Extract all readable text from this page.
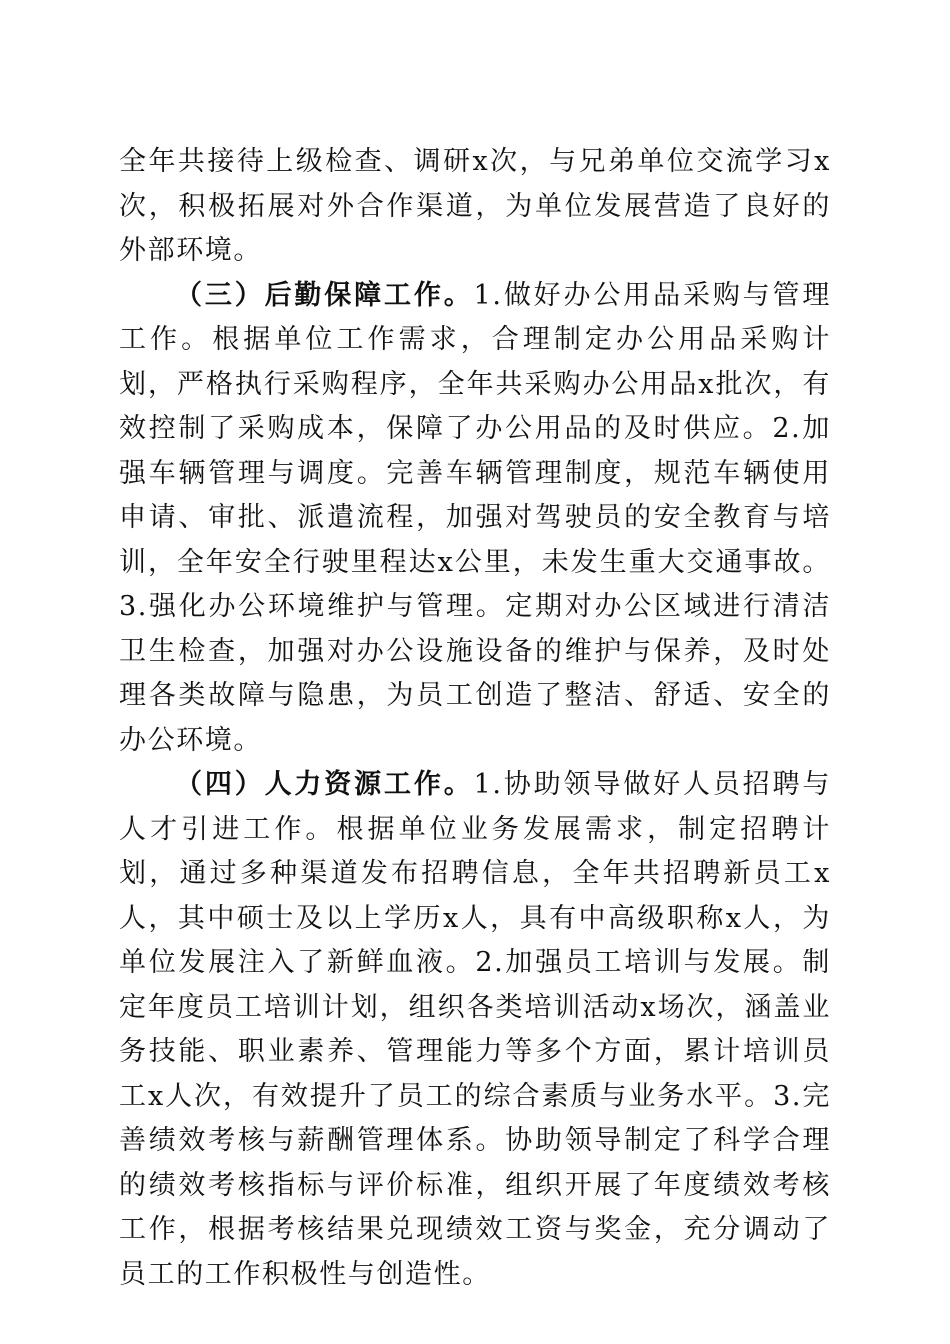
全年共接待上级检查、调研x次，与兄弟单位交流学习x次，积极拓展对外合作渠道，为单位发展营造了良好的外部环境。

（三）后勤保障工作。1.做好办公用品采购与管理工作。根据单位工作需求，合理制定办公用品采购计划，严格执行采购程序，全年共采购办公用品x批次，有效控制了采购成本，保障了办公用品的及时供应。2.加强车辆管理与调度。完善车辆管理制度，规范车辆使用申请、审批、派遣流程，加强对驾驶员的安全教育与培训，全年安全行驶里程达x公里，未发生重大交通事故。3.强化办公环境维护与管理。定期对办公区域进行清洁卫生检查，加强对办公设施设备的维护与保养，及时处理各类故障与隐患，为员工创造了整洁、舒适、安全的办公环境。

（四）人力资源工作。1.协助领导做好人员招聘与人才引进工作。根据单位业务发展需求，制定招聘计划，通过多种渠道发布招聘信息，全年共招聘新员工x人，其中硕士及以上学历x人，具有中高级职称x人，为单位发展注入了新鲜血液。2.加强员工培训与发展。制定年度员工培训计划，组织各类培训活动x场次，涵盖业务技能、职业素养、管理能力等多个方面，累计培训员工x人次，有效提升了员工的综合素质与业务水平。3.完善绩效考核与薪酬管理体系。协助领导制定了科学合理的绩效考核指标与评价标准，组织开展了年度绩效考核工作，根据考核结果兑现绩效工资与奖金，充分调动了员工的工作积极性与创造性。
